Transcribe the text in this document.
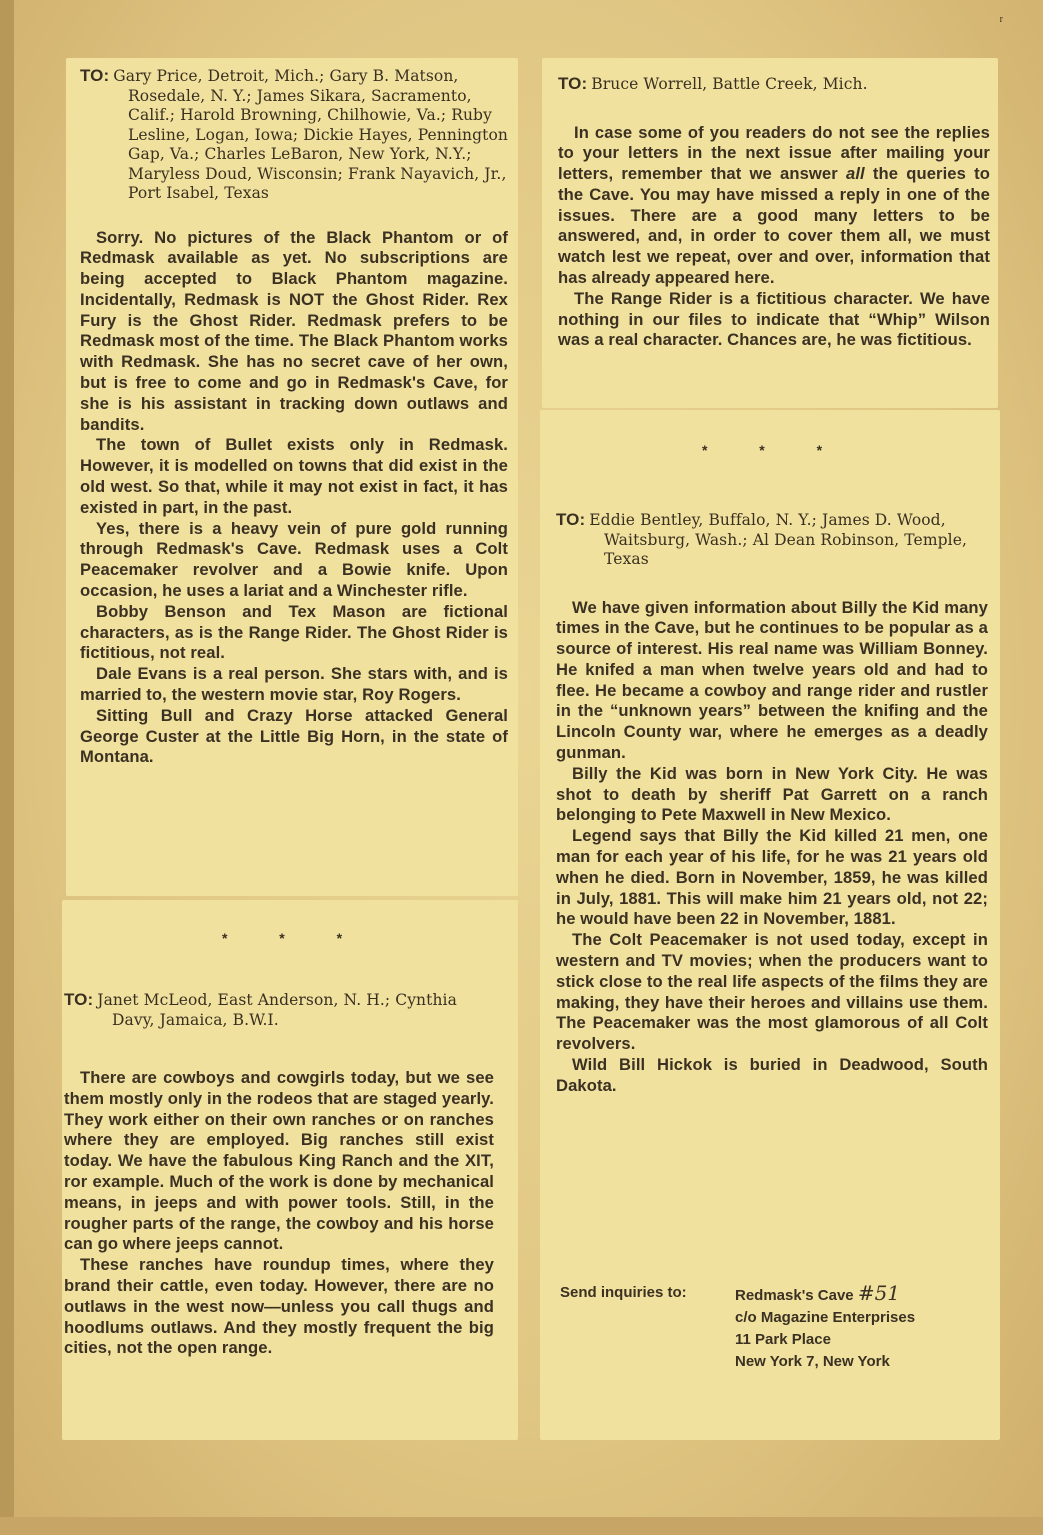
r
TO: Gary Price, Detroit, Mich.; Gary B. Matson, Rosedale, N. Y.; James Sikara, Sacramento, Calif.; Harold Browning, Chilhowie, Va.; Ruby Lesline, Logan, Iowa; Dickie Hayes, Pennington Gap, Va.; Charles LeBaron, New York, N.Y.; Maryless Doud, Wisconsin; Frank Nayavich, Jr., Port Isabel, Texas

Sorry. No pictures of the Black Phantom or of Redmask available as yet. No subscriptions are being accepted to Black Phantom magazine. Incidentally, Redmask is NOT the Ghost Rider. Rex Fury is the Ghost Rider. Redmask prefers to be Redmask most of the time. The Black Phantom works with Redmask. She has no secret cave of her own, but is free to come and go in Redmask's Cave, for she is his assistant in tracking down outlaws and bandits.

The town of Bullet exists only in Redmask. However, it is modelled on towns that did exist in the old west. So that, while it may not exist in fact, it has existed in part, in the past.

Yes, there is a heavy vein of pure gold running through Redmask's Cave. Redmask uses a Colt Peacemaker revolver and a Bowie knife. Upon occasion, he uses a lariat and a Winchester rifle.

Bobby Benson and Tex Mason are fictional characters, as is the Range Rider. The Ghost Rider is fictitious, not real.

Dale Evans is a real person. She stars with, and is married to, the western movie star, Roy Rogers.

Sitting Bull and Crazy Horse attacked General George Custer at the Little Big Horn, in the state of Montana.

* * *
TO: Janet McLeod, East Anderson, N. H.; Cynthia Davy, Jamaica, B.W.I.

There are cowboys and cowgirls today, but we see them mostly only in the rodeos that are staged yearly. They work either on their own ranches or on ranches where they are employed. Big ranches still exist today. We have the fabulous King Ranch and the XIT, ror example. Much of the work is done by mechanical means, in jeeps and with power tools. Still, in the rougher parts of the range, the cowboy and his horse can go where jeeps cannot.

These ranches have roundup times, where they brand their cattle, even today. However, there are no outlaws in the west now—unless you call thugs and hoodlums outlaws. And they mostly frequent the big cities, not the open range.

TO: Bruce Worrell, Battle Creek, Mich.

In case some of you readers do not see the replies to your letters in the next issue after mailing your letters, remember that we answer all the queries to the Cave. You may have missed a reply in one of the issues. There are a good many letters to be answered, and, in order to cover them all, we must watch lest we repeat, over and over, information that has already appeared here.

The Range Rider is a fictitious character. We have nothing in our files to indicate that “Whip” Wilson was a real character. Chances are, he was fictitious.

* * *
TO: Eddie Bentley, Buffalo, N. Y.; James D. Wood, Waitsburg, Wash.; Al Dean Robinson, Temple, Texas

We have given information about Billy the Kid many times in the Cave, but he continues to be popular as a source of interest. His real name was William Bonney. He knifed a man when twelve years old and had to flee. He became a cowboy and range rider and rustler in the “unknown years” between the knifing and the Lincoln County war, where he emerges as a deadly gunman.

Billy the Kid was born in New York City. He was shot to death by sheriff Pat Garrett on a ranch belonging to Pete Maxwell in New Mexico.

Legend says that Billy the Kid killed 21 men, one man for each year of his life, for he was 21 years old when he died. Born in November, 1859, he was killed in July, 1881. This will make him 21 years old, not 22; he would have been 22 in November, 1881.

The Colt Peacemaker is not used today, except in western and TV movies; when the producers want to stick close to the real life aspects of the films they are making, they have their heroes and villains use them. The Peacemaker was the most glamorous of all Colt revolvers.

Wild Bill Hickok is buried in Deadwood, South Dakota.

Send inquiries to:	Redmask's Cave #51
c/o Magazine Enterprises
11 Park Place
New York 7, New York
